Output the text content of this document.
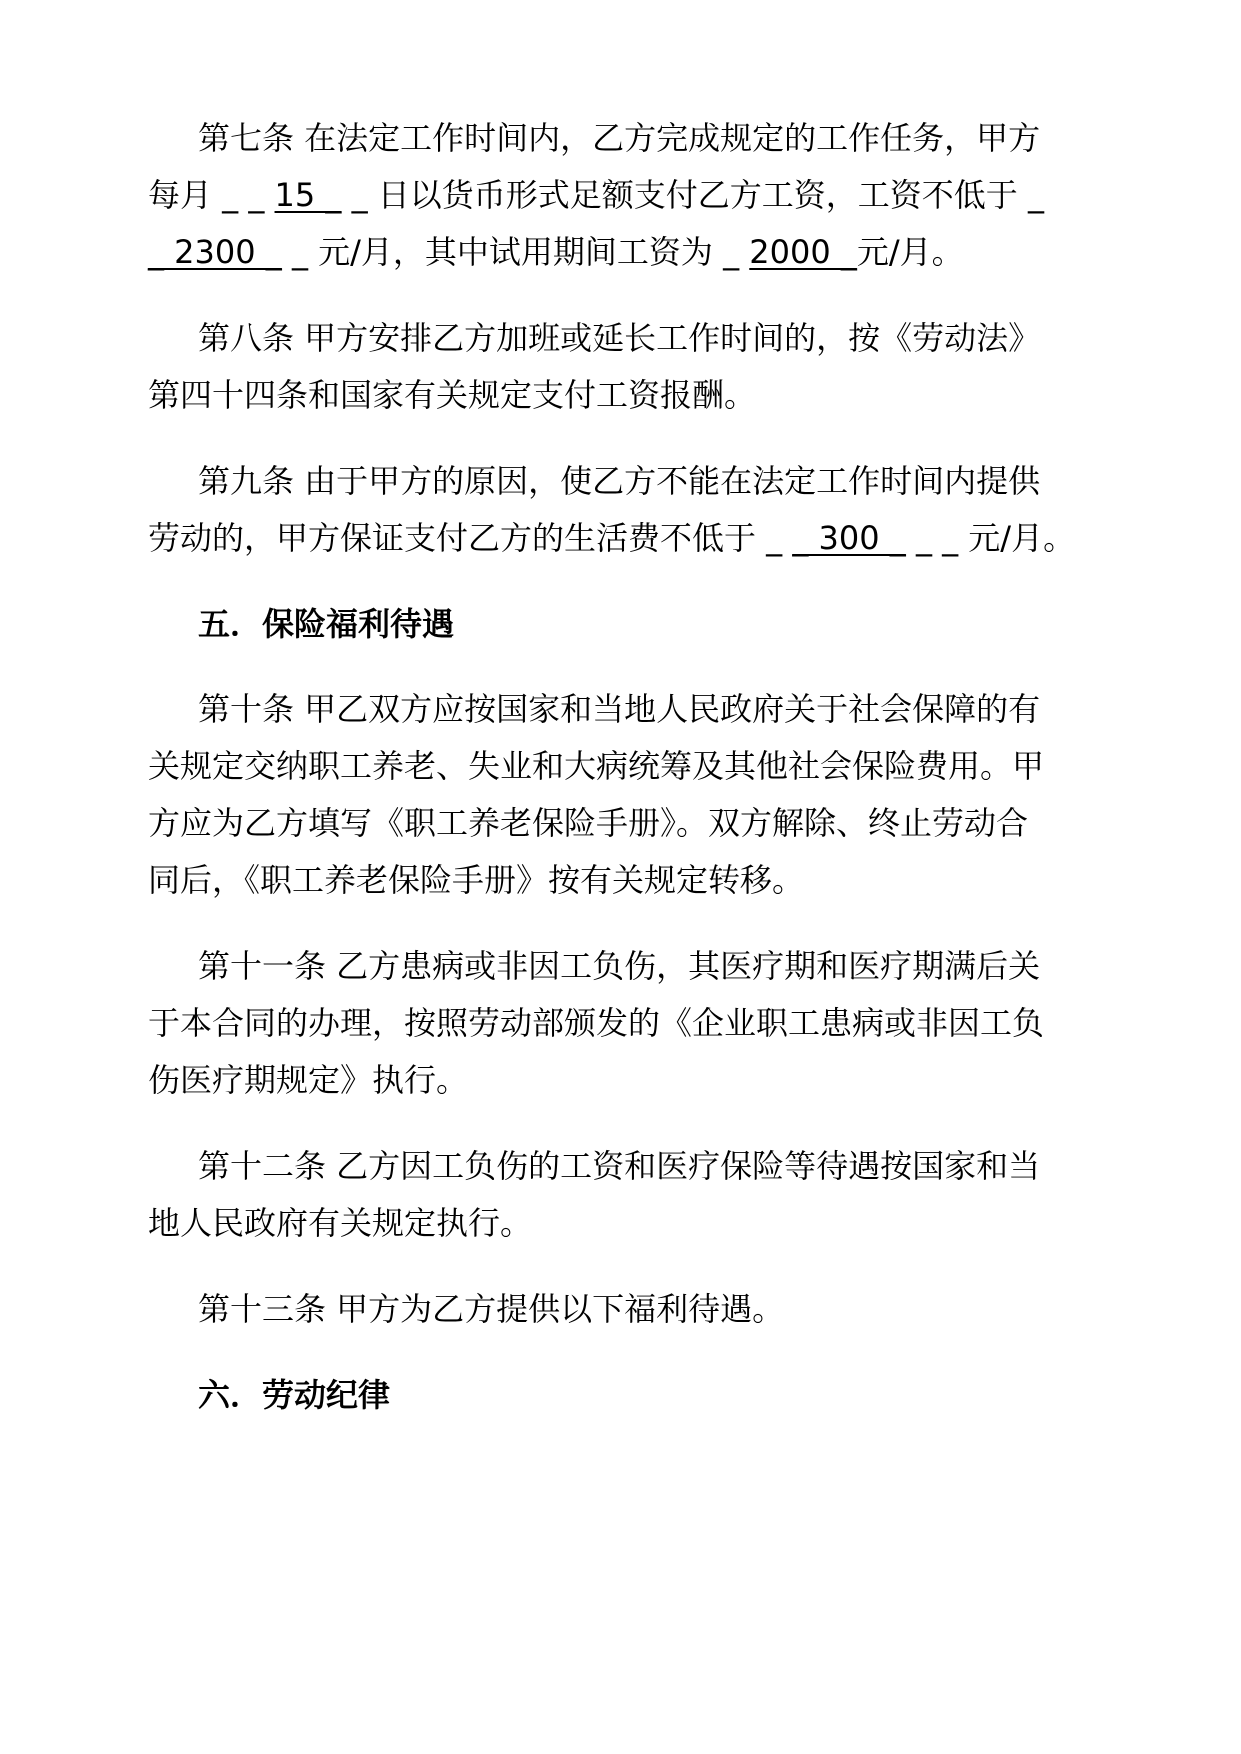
第七条 在法定工作时间内，乙方完成规定的工作任务，甲方
每月 _ _ 15 _ _ 日以货币形式足额支付乙方工资，工资不低于 _
_ 2300 _ _ 元/月，其中试用期间工资为 _ 2000 _元/月。
第八条 甲方安排乙方加班或延长工作时间的，按《劳动法》
第四十四条和国家有关规定支付工资报酬。
第九条 由于甲方的原因，使乙方不能在法定工作时间内提供
劳动的，甲方保证支付乙方的生活费不低于 _ _ 300 _ _ _ 元/月。
五．保险福利待遇
第十条 甲乙双方应按国家和当地人民政府关于社会保障的有
关规定交纳职工养老、失业和大病统筹及其他社会保险费用。甲
方应为乙方填写《职工养老保险手册》。双方解除、终止劳动合
同后，《职工养老保险手册》按有关规定转移。
第十一条 乙方患病或非因工负伤，其医疗期和医疗期满后关
于本合同的办理，按照劳动部颁发的《企业职工患病或非因工负
伤医疗期规定》执行。
第十二条 乙方因工负伤的工资和医疗保险等待遇按国家和当
地人民政府有关规定执行。
第十三条 甲方为乙方提供以下福利待遇。
六．劳动纪律
